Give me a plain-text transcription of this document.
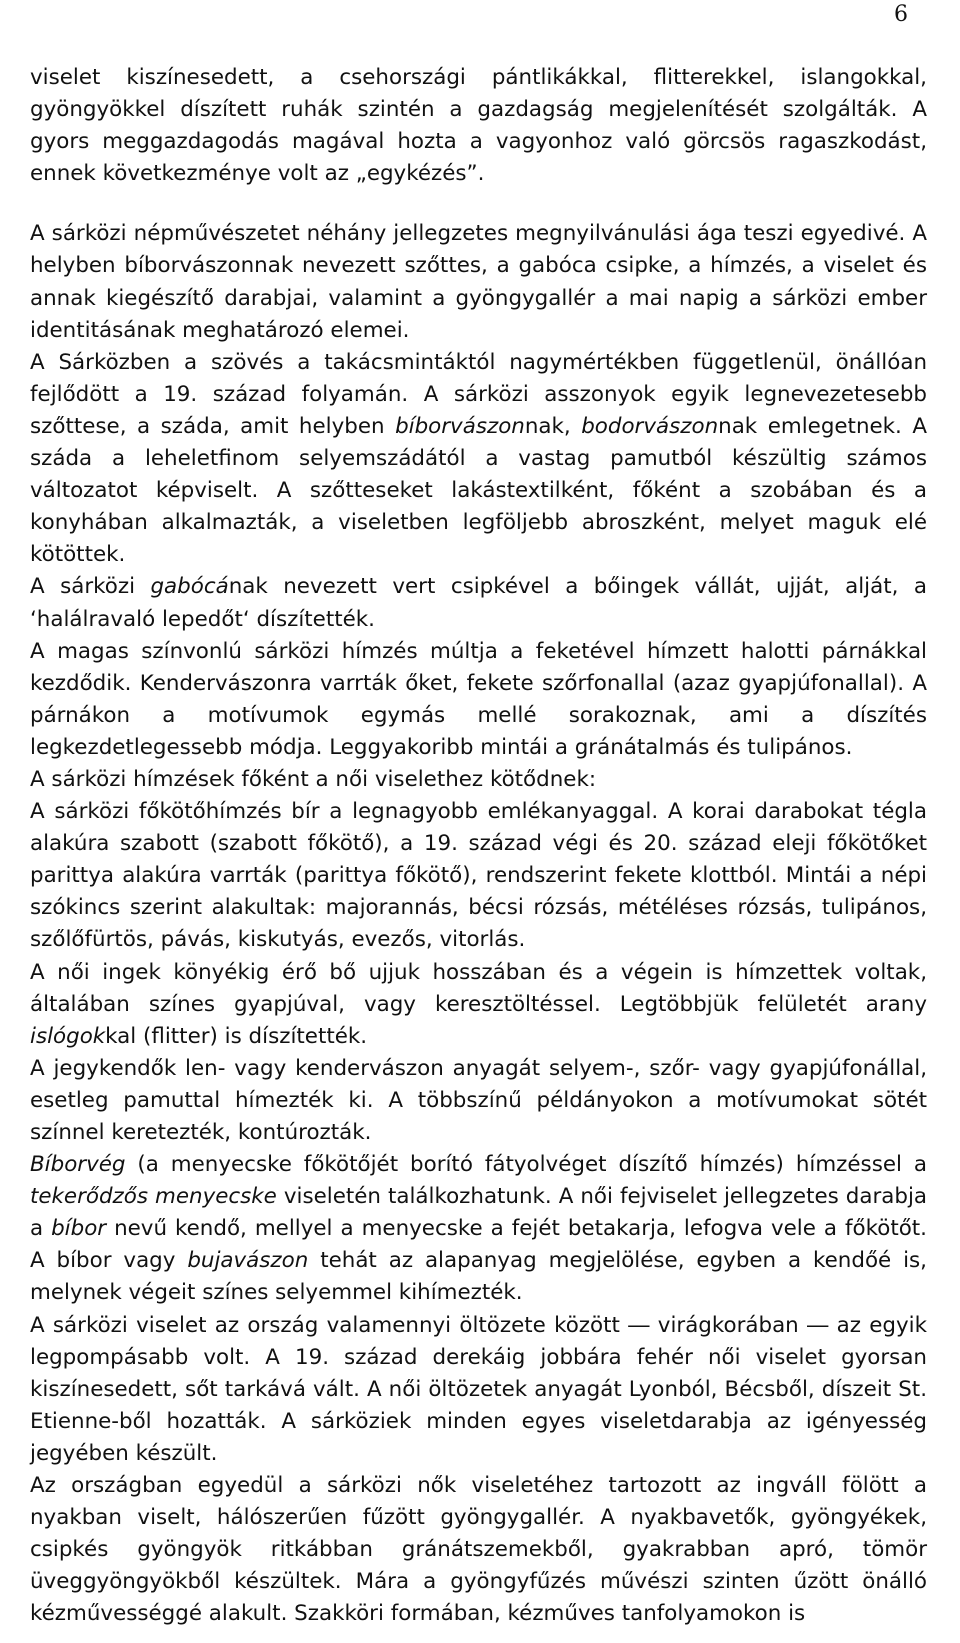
6

viselet kiszínesedett, a csehországi pántlikákkal, flitterekkel, islangokkal, gyöngyökkel díszített ruhák szintén a gazdagság megjelenítését szolgálták. A gyors meggazdagodás magával hozta a vagyonhoz való görcsös ragaszkodást, ennek következménye volt az „egykézés”.

A sárközi népművészetet néhány jellegzetes megnyilvánulási ága teszi egyedivé. A helyben bíborvászonnak nevezett szőttes, a gabóca csipke, a hímzés, a viselet és annak kiegészítő darabjai, valamint a gyöngygallér a mai napig a sárközi ember identitásának meghatározó elemei.

A Sárközben a szövés a takácsmintáktól nagymértékben függetlenül, önállóan fejlődött a 19. század folyamán. A sárközi asszonyok egyik legnevezetesebb szőttese, a száda, amit helyben bíborvászonnak, bodorvászonnak emlegetnek. A száda a leheletfinom selyemszádától a vastag pamutból készültig számos változatot képviselt. A szőtteseket lakástextilként, főként a szobában és a konyhában alkalmazták, a viseletben legföljebb abroszként, melyet maguk elé kötöttek.

A sárközi gabócának nevezett vert csipkével a bőingek vállát, ujját, alját, a ‘halálravaló lepedőt‘ díszítették.

A magas színvonlú sárközi hímzés múltja a feketével hímzett halotti párnákkal kezdődik. Kendervászonra varrták őket, fekete szőrfonallal (azaz gyapjúfonallal). A párnákon a motívumok egymás mellé sorakoznak, ami a díszítés legkezdetlegessebb módja. Leggyakoribb mintái a gránátalmás és tulipános.

A sárközi hímzések főként a női viselethez kötődnek:

A sárközi főkötőhímzés bír a legnagyobb emlékanyaggal. A korai darabokat tégla alakúra szabott (szabott főkötő), a 19. század végi és 20. század eleji főkötőket parittya alakúra varrták (parittya főkötő), rendszerint fekete klottból. Mintái a népi szókincs szerint alakultak: majorannás, bécsi rózsás, météléses rózsás, tulipános, szőlőfürtös, pávás, kiskutyás, evezős, vitorlás.

A női ingek könyékig érő bő ujjuk hosszában és a végein is hímzettek voltak, általában színes gyapjúval, vagy keresztöltéssel. Legtöbbjük felületét arany islógokkal (flitter) is díszítették.

A jegykendők len- vagy kendervászon anyagát selyem-, szőr- vagy gyapjúfonállal, esetleg pamuttal hímezték ki. A többszínű példányokon a motívumokat sötét színnel keretezték, kontúrozták.

Bíborvég (a menyecske főkötőjét borító fátyolvéget díszítő hímzés) hímzéssel a tekerődzős menyecske viseletén találkozhatunk. A női fejviselet jellegzetes darabja a bíbor nevű kendő, mellyel a menyecske a fejét betakarja, lefogva vele a főkötőt. A bíbor vagy bujavászon tehát az alapanyag megjelölése, egyben a kendőé is, melynek végeit színes selyemmel kihímezték.

A sárközi viselet az ország valamennyi öltözete között ― virágkorában ― az egyik legpompásabb volt. A 19. század derekáig jobbára fehér női viselet gyorsan kiszínesedett, sőt tarkává vált. A női öltözetek anyagát Lyonból, Bécsből, díszeit St. Etienne-ből hozatták. A sárköziek minden egyes viseletdarabja az igényesség jegyében készült.

Az országban egyedül a sárközi nők viseletéhez tartozott az ingváll fölött a nyakban viselt, hálószerűen fűzött gyöngygallér. A nyakbavetők, gyöngyékek, csipkés gyöngyök ritkábban gránátszemekből, gyakrabban apró, tömör üveggyöngyökből készültek. Mára a gyöngyfűzés művészi szinten űzött önálló kézművességgé alakult. Szakköri formában, kézműves tanfolyamokon is
